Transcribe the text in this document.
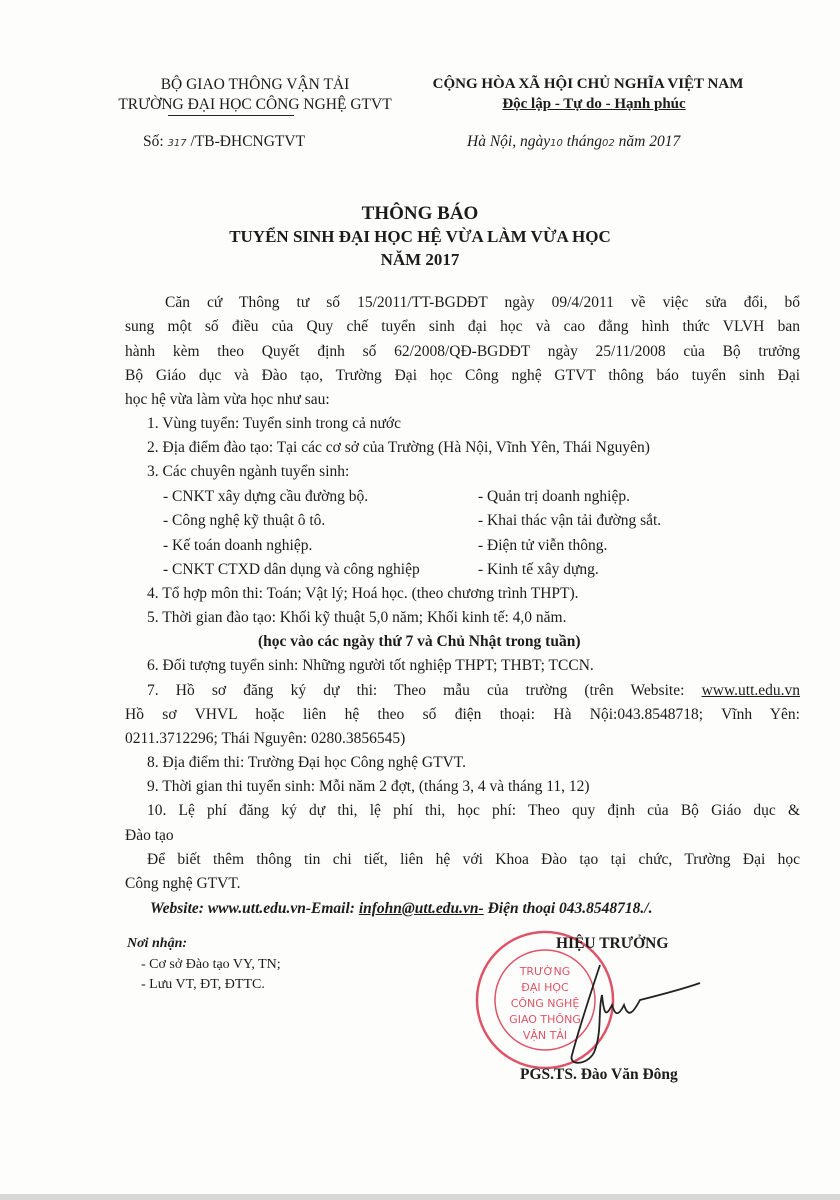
BỘ GIAO THÔNG VẬN TẢI
TRƯỜNG ĐẠI HỌC CÔNG NGHỆ GTVT
CỘNG HÒA XÃ HỘI CHỦ NGHĨA VIỆT NAM
Độc lập - Tự do - Hạnh phúc
Số: 317 /TB-ĐHCNGTVT	Hà Nội, ngày10 tháng02 năm 2017
THÔNG BÁO
TUYỂN SINH ĐẠI HỌC HỆ VỪA LÀM VỪA HỌC
NĂM 2017
Căn cứ Thông tư số 15/2011/TT-BGDĐT ngày 09/4/2011 về việc sửa đổi, bổ
sung một số điều của Quy chế tuyển sinh đại học và cao đẳng hình thức VLVH ban
hành kèm theo Quyết định số 62/2008/QĐ-BGDĐT ngày 25/11/2008 của Bộ trưởng
Bộ Giáo dục và Đào tạo, Trường Đại học Công nghệ GTVT thông báo tuyển sinh Đại
học hệ vừa làm vừa học như sau:
1. Vùng tuyển: Tuyển sinh trong cả nước
2. Địa điểm đào tạo: Tại các cơ sở của Trường (Hà Nội, Vĩnh Yên, Thái Nguyên)
3. Các chuyên ngành tuyển sinh:
- CNKT xây dựng cầu đường bộ.
- Công nghệ kỹ thuật ô tô.
- Kế toán doanh nghiệp.
- CNKT CTXD dân dụng và công nghiệp
- Quản trị doanh nghiệp.
- Khai thác vận tải đường sắt.
- Điện tử viễn thông.
- Kinh tế xây dựng.
4. Tổ hợp môn thi: Toán; Vật lý; Hoá học. (theo chương trình THPT).
5. Thời gian đào tạo: Khối kỹ thuật 5,0 năm; Khối kinh tế: 4,0 năm.
(học vào các ngày thứ 7 và Chủ Nhật trong tuần)
6. Đối tượng tuyển sinh: Những người tốt nghiệp THPT; THBT; TCCN.
7. Hồ sơ đăng ký dự thi: Theo mẫu của trường (trên Website: www.utt.edu.vn
Hồ sơ VHVL hoặc liên hệ theo số điện thoại: Hà Nội:043.8548718; Vĩnh Yên:
0211.3712296; Thái Nguyên: 0280.3856545)
8. Địa điểm thi: Trường Đại học Công nghệ GTVT.
9. Thời gian thi tuyển sinh: Mỗi năm 2 đợt, (tháng 3, 4 và tháng 11, 12)
10. Lệ phí đăng ký dự thi, lệ phí thi, học phí: Theo quy định của Bộ Giáo dục &
Đào tạo
Để biết thêm thông tin chi tiết, liên hệ với Khoa Đào tạo tại chức, Trường Đại học
Công nghệ GTVT.
Website: www.utt.edu.vn-Email: infohn@utt.edu.vn- Điện thoại 043.8548718./.
Nơi nhận:
- Cơ sở Đào tạo VY, TN;
- Lưu VT, ĐT, ĐTTC.
TRƯỜNG
ĐẠI HỌC
CÔNG NGHỆ
GIAO THÔNG
VẬN TẢI
HIỆU TRƯỞNG
PGS.TS. Đào Văn Đông
